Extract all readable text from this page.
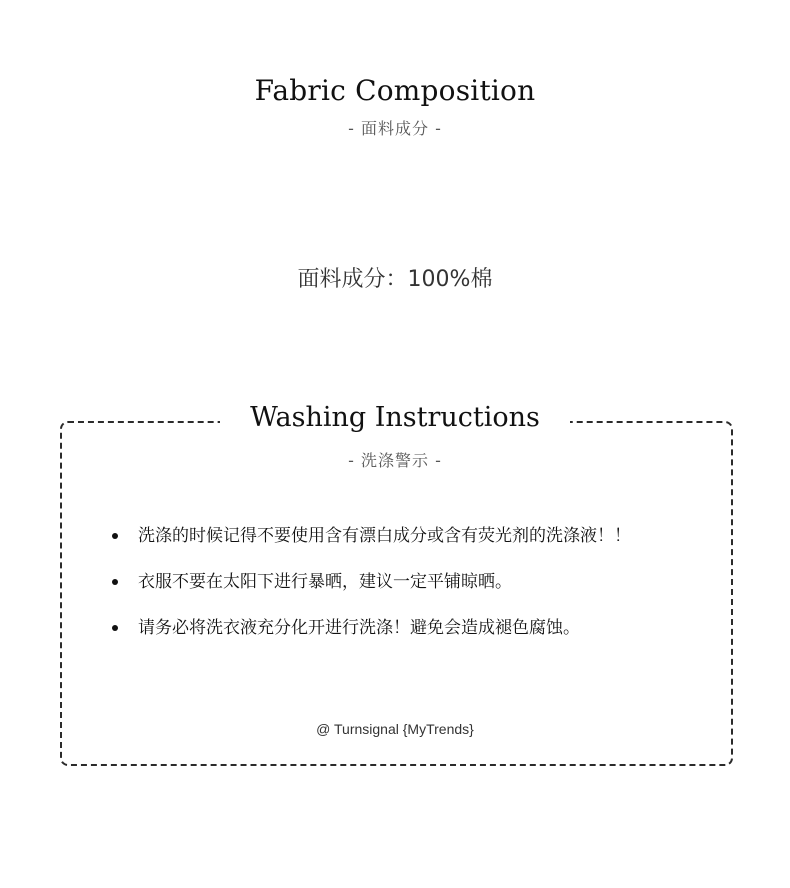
Fabric Composition
- 面料成分 -
面料成分：100%棉
Washing Instructions
- 洗涤警示 -
洗涤的时候记得不要使用含有漂白成分或含有荧光剂的洗涤液！！
衣服不要在太阳下进行暴晒，建议一定平铺晾晒。
请务必将洗衣液充分化开进行洗涤！避免会造成褪色腐蚀。
@ Turnsignal {MyTrends}
